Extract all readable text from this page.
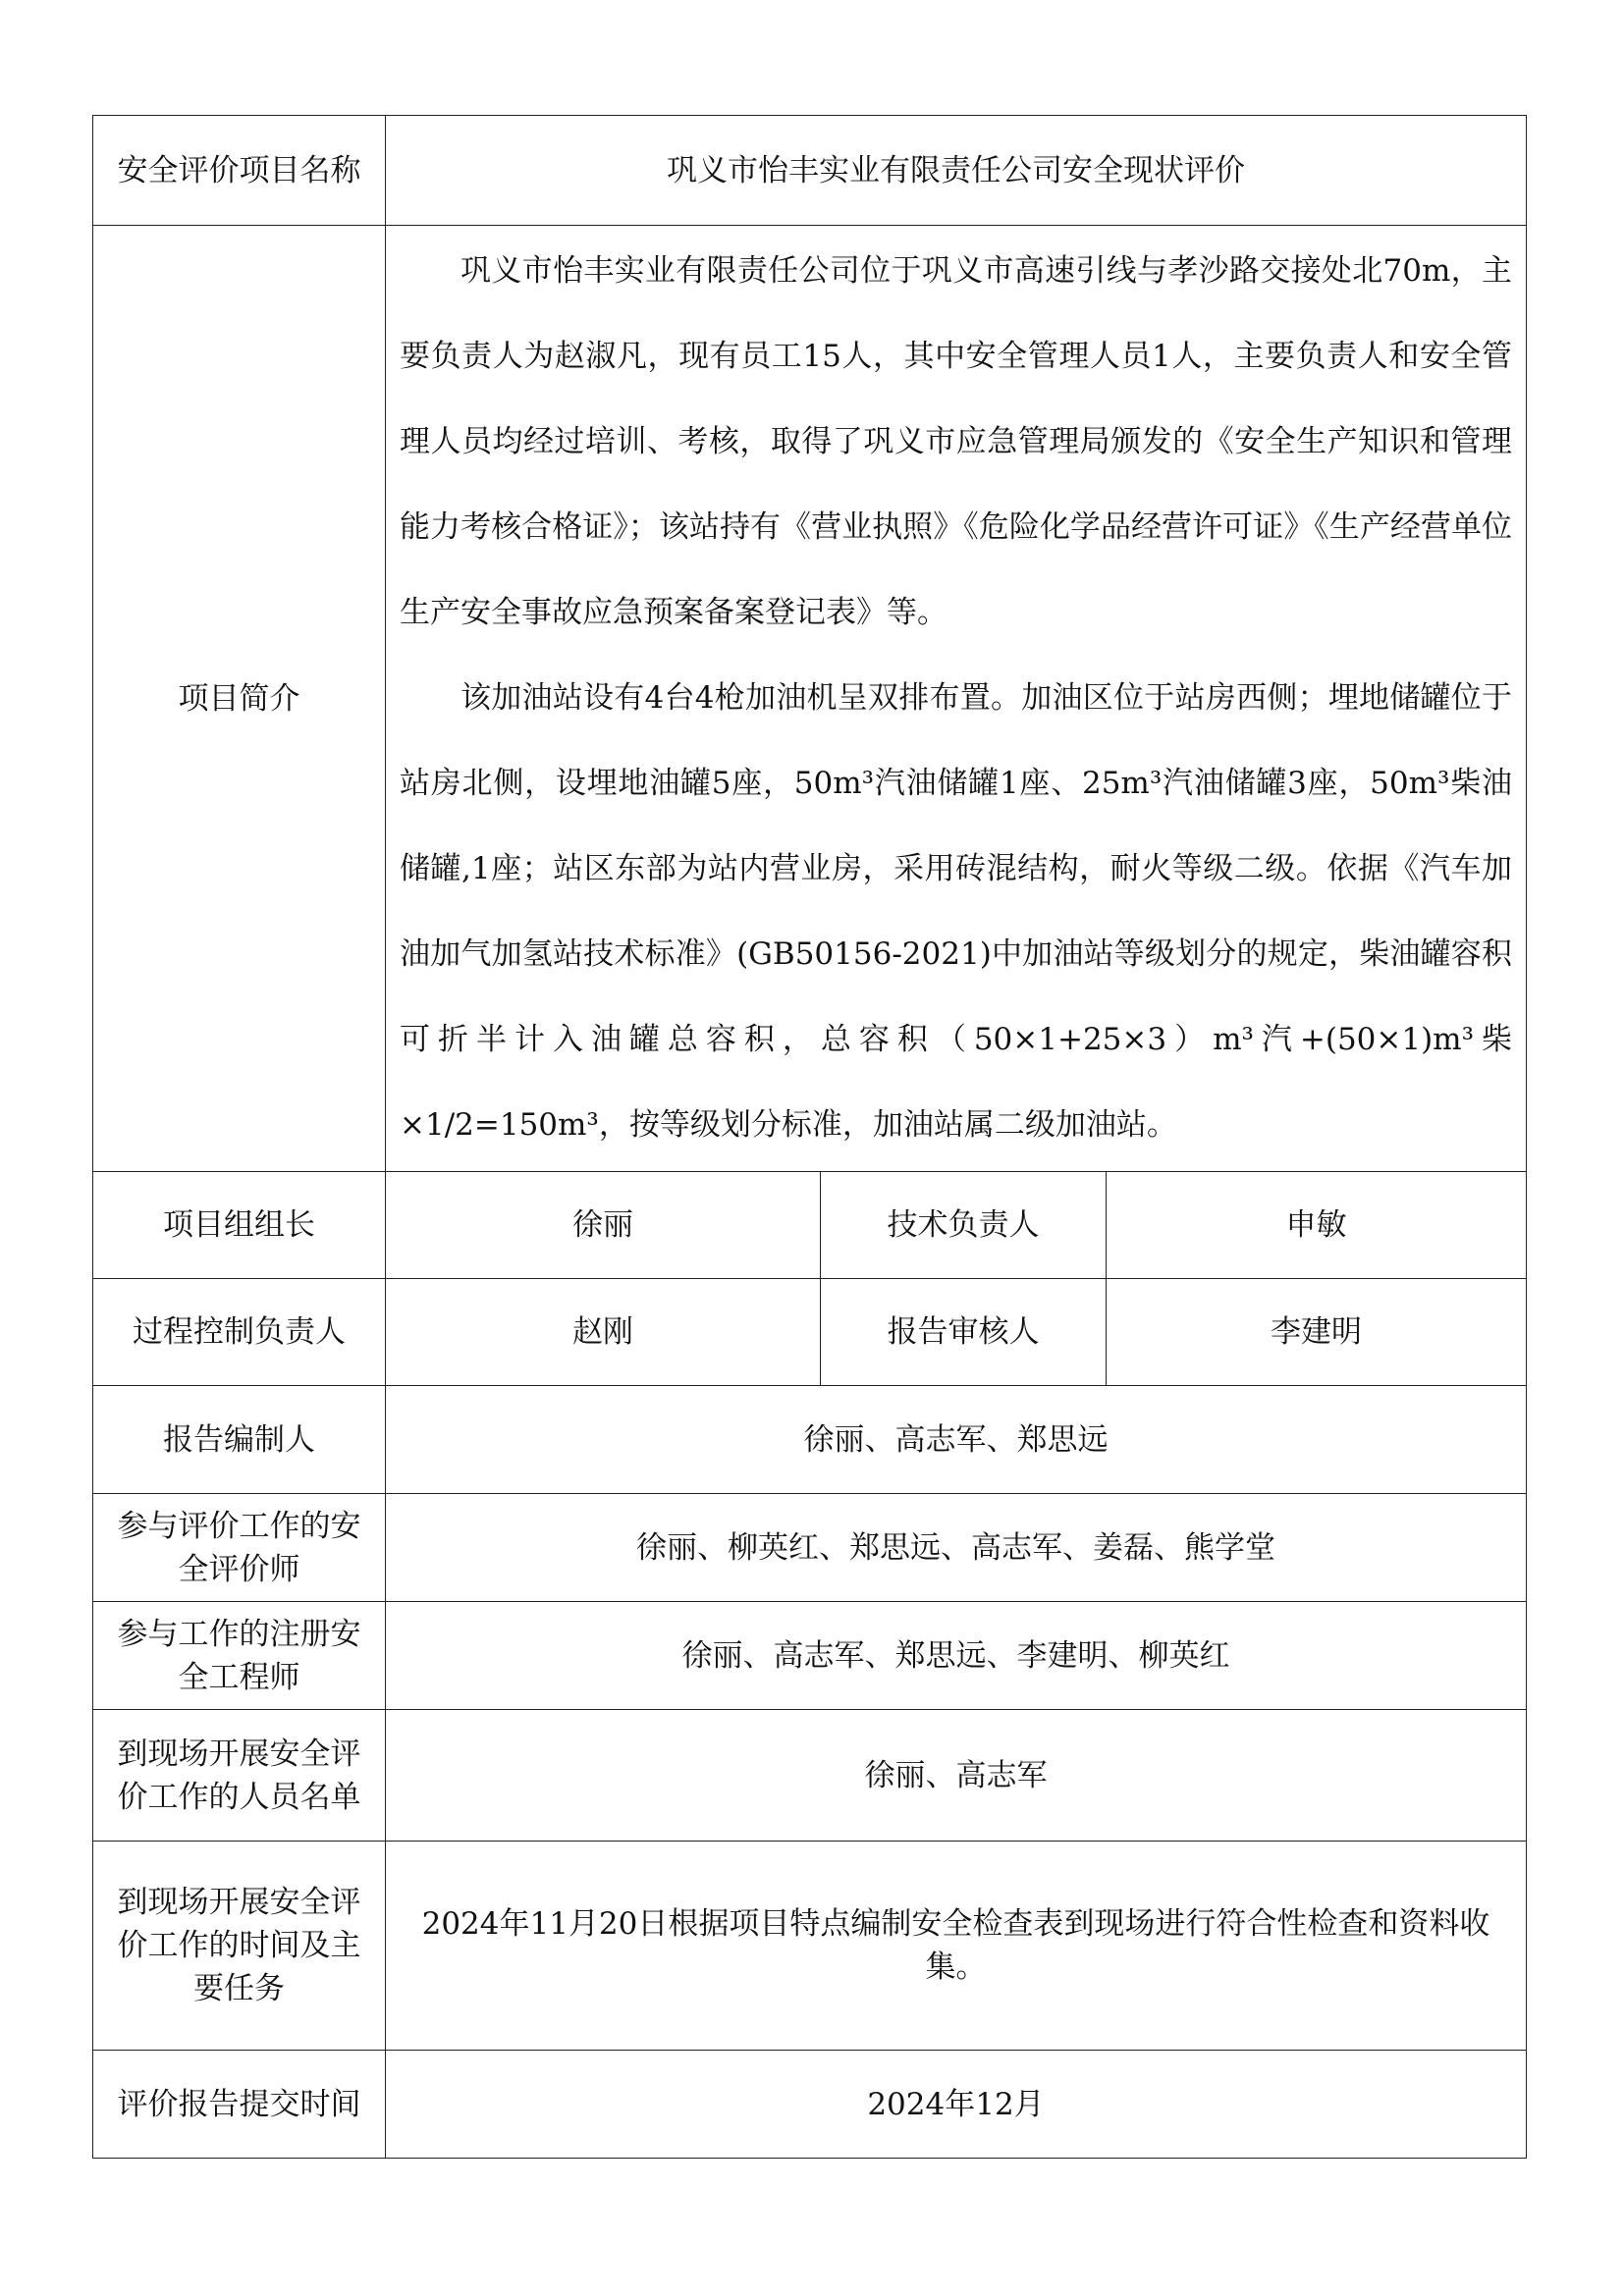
安全评价项目名称	巩义市怡丰实业有限责任公司安全现状评价		
项目简介	巩义市怡丰实业有限责任公司位于巩义市高速引线与孝沙路交接处北70m，主要负责人为赵淑凡，现有员工15人，其中安全管理人员1人，主要负责人和安全管理人员均经过培训、考核，取得了巩义市应急管理局颁发的《安全生产知识和管理能力考核合格证》；该站持有《营业执照》《危险化学品经营许可证》《生产经营单位生产安全事故应急预案备案登记表》等。

该加油站设有4台4枪加油机呈双排布置。加油区位于站房西侧；埋地储罐位于站房北侧，设埋地油罐5座，50m³汽油储罐1座、25m³汽油储罐3座，50m³柴油储罐,1座；站区东部为站内营业房，采用砖混结构，耐火等级二级。依据《汽车加油加气加氢站技术标准》(GB50156-2021)中加油站等级划分的规定，柴油罐容积可折半计入油罐总容积，总容积（50×1+25×3）m³汽+(50×1)m³柴×1/2=150m³，按等级划分标准，加油站属二级加油站。		

项目组组长	徐丽	技术负责人	申敏
过程控制负责人	赵刚	报告审核人	李建明
报告编制人	徐丽、高志军、郑思远		
参与评价工作的安全评价师	徐丽、柳英红、郑思远、高志军、姜磊、熊学堂		
参与工作的注册安全工程师	徐丽、高志军、郑思远、李建明、柳英红		
到现场开展安全评价工作的人员名单	徐丽、高志军		
到现场开展安全评价工作的时间及主要任务	2024年11月20日根据项目特点编制安全检查表到现场进行符合性检查和资料收集。		
评价报告提交时间	2024年12月		
